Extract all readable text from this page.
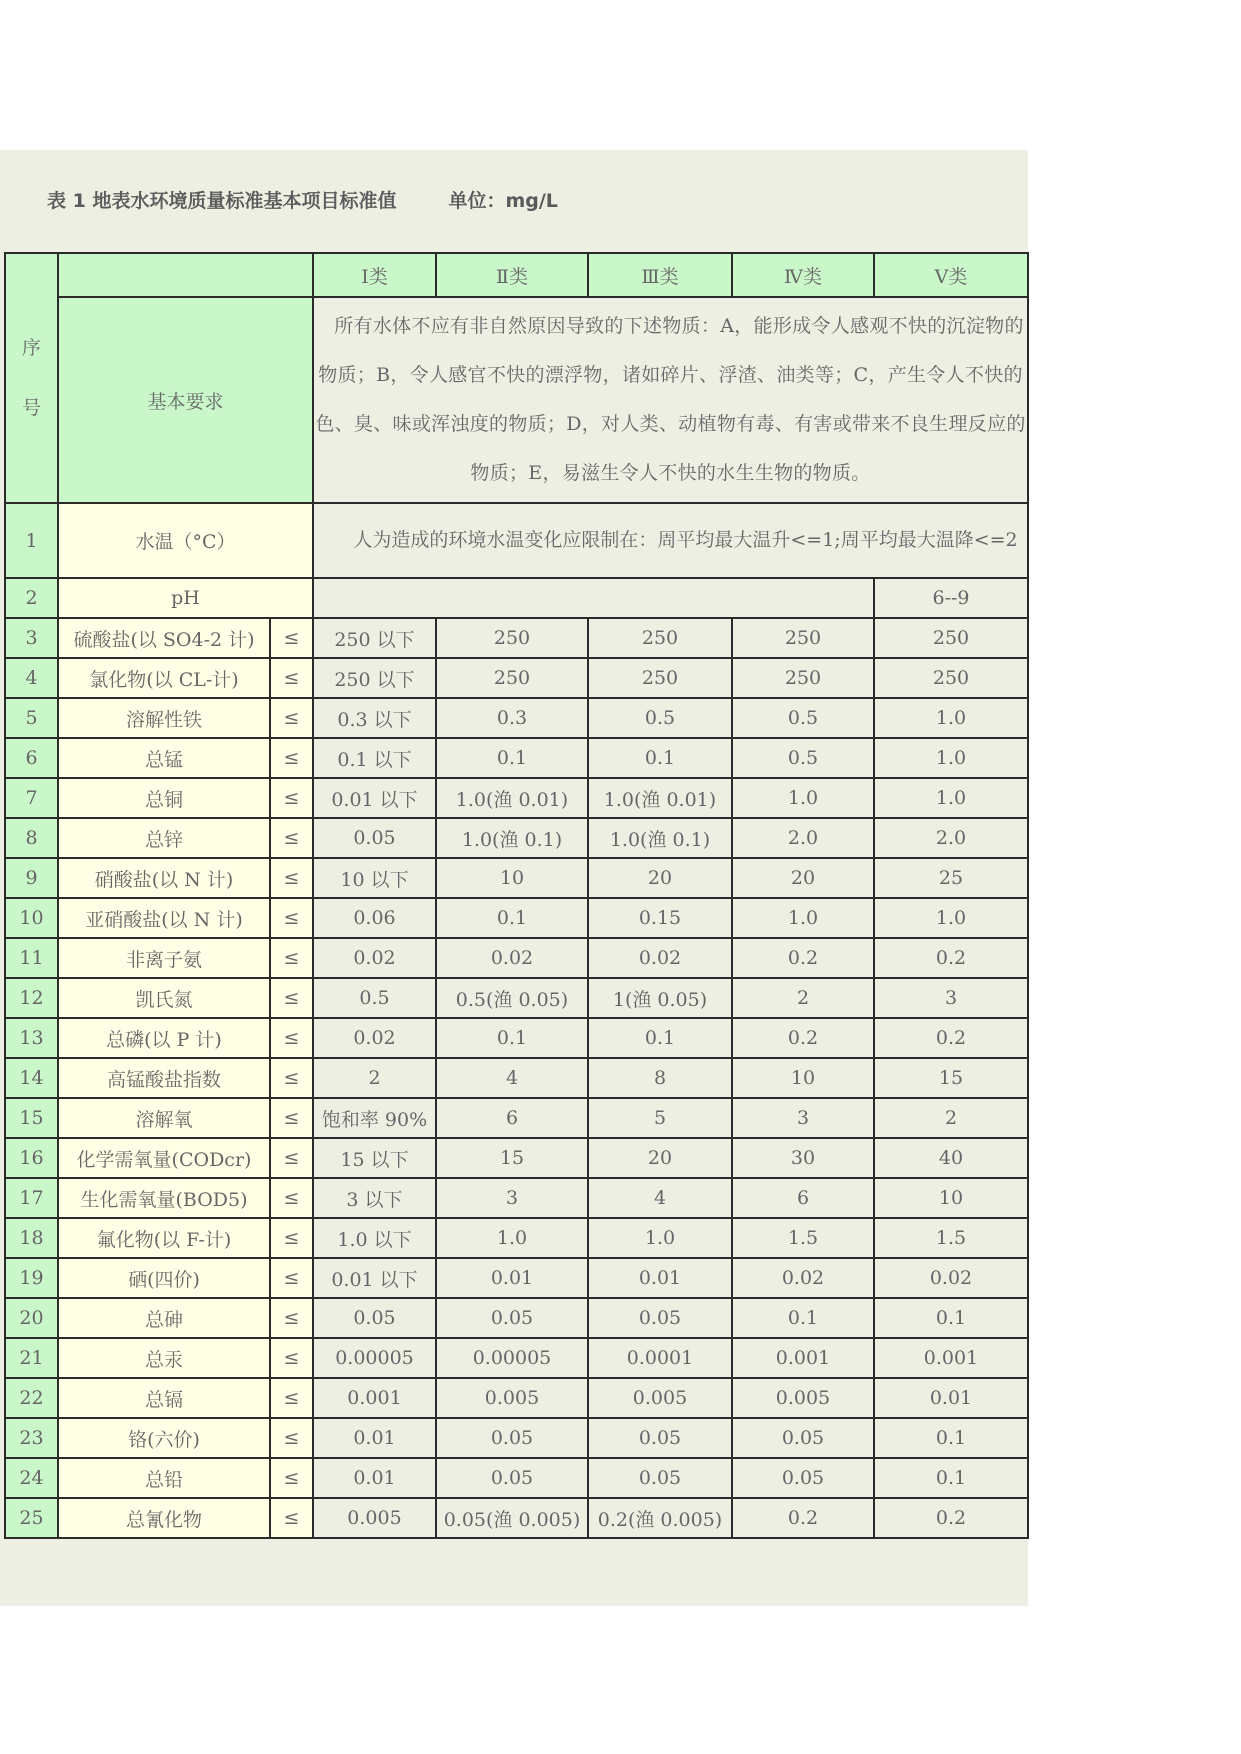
表 1 地表水环境质量标准基本项目标准值	单位：mg/L
序
号			Ⅰ类	Ⅱ类	Ⅲ类	Ⅳ类	Ⅴ类
	基本要求		所有水体不应有非自然原因导致的下述物质：A，能形成令人感观不快的沉淀物的物质；B，令人感官不快的漂浮物，诸如碎片、浮渣、油类等；C，产生令人不快的色、臭、味或浑浊度的物质；D，对人类、动植物有毒、有害或带来不良生理反应的物质；E，易滋生令人不快的水生生物的物质。				
1	水温（°C）		人为造成的环境水温变化应限制在：周平均最大温升<=1;周平均最大温降<=2				
2	pH						6--9
3	硫酸盐(以 SO4-2 计)	≤	250 以下	250	250	250	250
4	氯化物(以 CL-计)	≤	250 以下	250	250	250	250
5	溶解性铁	≤	0.3 以下	0.3	0.5	0.5	1.0
6	总锰	≤	0.1 以下	0.1	0.1	0.5	1.0
7	总铜	≤	0.01 以下	1.0(渔 0.01)	1.0(渔 0.01)	1.0	1.0
8	总锌	≤	0.05	1.0(渔 0.1)	1.0(渔 0.1)	2.0	2.0
9	硝酸盐(以 N 计)	≤	10 以下	10	20	20	25
10	亚硝酸盐(以 N 计)	≤	0.06	0.1	0.15	1.0	1.0
11	非离子氨	≤	0.02	0.02	0.02	0.2	0.2
12	凯氏氮	≤	0.5	0.5(渔 0.05)	1(渔 0.05)	2	3
13	总磷(以 P 计)	≤	0.02	0.1	0.1	0.2	0.2
14	高锰酸盐指数	≤	2	4	8	10	15
15	溶解氧	≤	饱和率 90%	6	5	3	2
16	化学需氧量(CODcr)	≤	15 以下	15	20	30	40
17	生化需氧量(BOD5)	≤	3 以下	3	4	6	10
18	氟化物(以 F-计)	≤	1.0 以下	1.0	1.0	1.5	1.5
19	硒(四价)	≤	0.01 以下	0.01	0.01	0.02	0.02
20	总砷	≤	0.05	0.05	0.05	0.1	0.1
21	总汞	≤	0.00005	0.00005	0.0001	0.001	0.001
22	总镉	≤	0.001	0.005	0.005	0.005	0.01
23	铬(六价)	≤	0.01	0.05	0.05	0.05	0.1
24	总铅	≤	0.01	0.05	0.05	0.05	0.1
25	总氰化物	≤	0.005	0.05(渔 0.005)	0.2(渔 0.005)	0.2	0.2
